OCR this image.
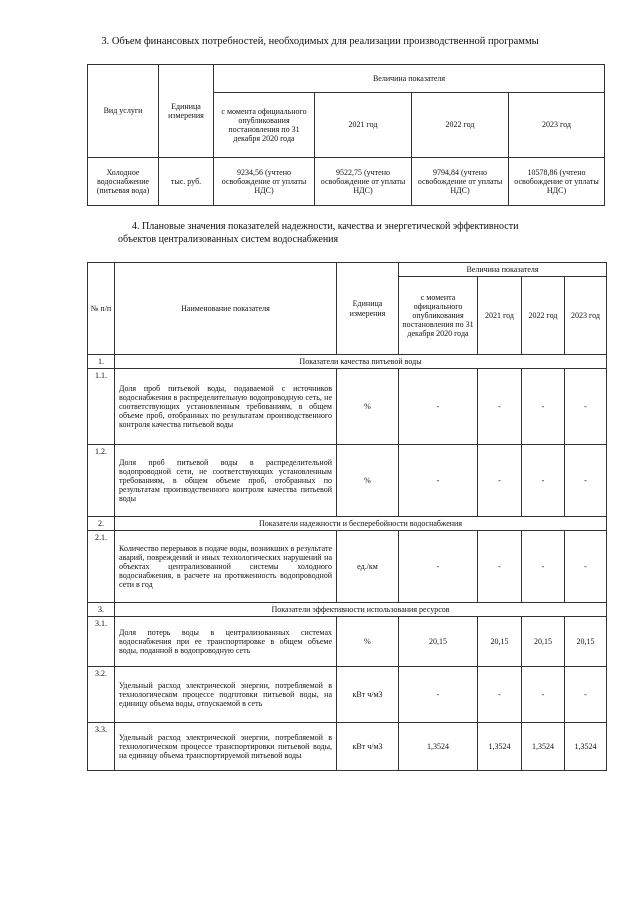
3. Объем финансовых потребностей, необходимых для реализации производственной программы
Вид услуги	Единица измерения	Величина показателя			
		с момента официального опубликования постановления по 31 декабря 2020 года	2021 год	2022 год	2023 год
Холодное водоснабжение (питьевая вода)	тыс. руб.	9234,56 (учтено освобождение от уплаты НДС)	9522,75 (учтено освобождение от уплаты НДС)	9794,84 (учтено освобождение от уплаты НДС)	10578,86 (учтено освобождение от уплаты НДС)
4. Плановые значения показателей надежности, качества и энергетической эффективности
объектов централизованных систем водоснабжения
№ п/п	Наименование показателя	Единица измерения	Величина показателя			
			с момента официального опубликования постановления по 31 декабря 2020 года	2021 год	2022 год	2023 год
1.	Показатели качества питьевой воды					
1.1.	Доля проб питьевой воды, подаваемой с источников водоснабжения в распределительную водопроводную сеть, не соответствующих установленным требованиям, в общем объеме проб, отобранных по результатам производственного контроля качества питьевой воды	%	-	-	-	-
1.2.	Доля проб питьевой воды в распределительной водопроводной сети, не соответствующих установленным требованиям, в общем объеме проб, отобранных по результатам производственного контроля качества питьевой воды	%	-	-	-	-
2.	Показатели надежности и бесперебойности водоснабжения					
2.1.	Количество перерывов в подаче воды, возникших в результате аварий, повреждений и иных технологических нарушений на объектах централизованной системы холодного водоснабжения, в расчете на протяженность водопроводной сети в год	ед./км	-	-	-	-
3.	Показатели эффективности использования ресурсов					
3.1.	Доля потерь воды в централизованных системах водоснабжения при ее транспортировке в общем объеме воды, поданной в водопроводную сеть	%	20,15	20,15	20,15	20,15
3.2.	Удельный расход электрической энергии, потребляемой в технологическом процессе подготовки питьевой воды, на единицу объема воды, отпускаемой в сеть	кВт ч/м3	-	-	-	-
3.3.	Удельный расход электрической энергии, потребляемой в технологическом процессе транспортировки питьевой воды, на единицу объема транспортируемой питьевой воды	кВт ч/м3	1,3524	1,3524	1,3524	1,3524
